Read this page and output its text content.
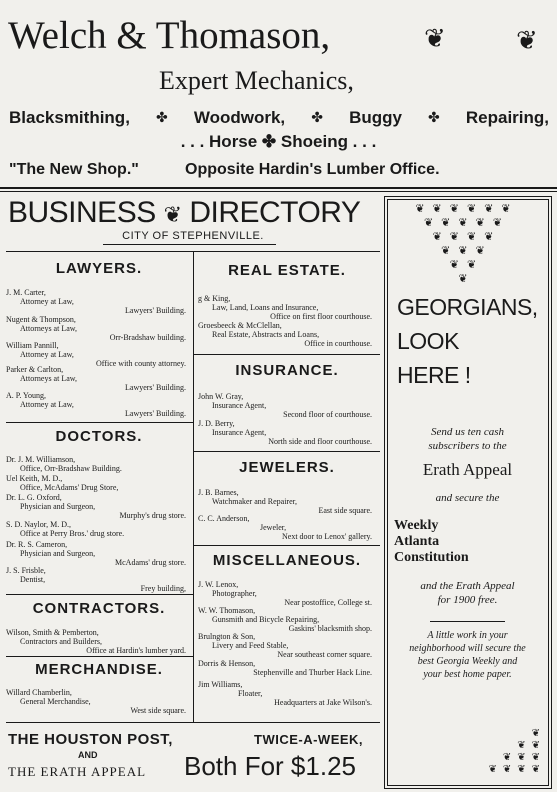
Welch & Thomason,	❦	❦
Expert Mechanics,
Blacksmithing, ✤ Woodwork, ✤ Buggy ✤ Repairing,
. . . Horse ✤ Shoeing . . .
"The New Shop."	Opposite Hardin's Lumber Office.
BUSINESS ❦ DIRECTORY
CITY OF STEPHENVILLE.
LAWYERS.
J. M. Carter,
Attorney at Law,
Lawyers' Building.
Nugent & Thompson,
Attorneys at Law,
Orr-Bradshaw building.
William Pannill,
Attorney at Law,
Office with county attorney.
Parker & Carlton,
Attorneys at Law,
Lawyers' Building.
A. P. Young,
Attorney at Law,
Lawyers' Building.
DOCTORS.
Dr. J. M. Williamson,
Office, Orr-Bradshaw Building.
Uel Keith, M. D.,
Office, McAdams' Drug Store,
Dr. L. G. Oxford,
Physician and Surgeon,
Murphy's drug store.
S. D. Naylor, M. D.,
Office at Perry Bros.' drug store.
Dr. R. S. Cameron,
Physician and Surgeon,
McAdams' drug store.
J. S. Frisble,
Dentist,
Frey building,
CONTRACTORS.
Wilson, Smith & Pemberton,
Contractors and Builders,
Office at Hardin's lumber yard.
MERCHANDISE.
Willard Chamberlin,
General Merchandise,
West side square.
REAL ESTATE.
g & King,
Law, Land, Loans and Insurance,
Office on first floor courthouse.
Groesbeeck & McClellan,
Real Estate, Abstracts and Loans,
Office in courthouse.
INSURANCE.
John W. Gray,
Insurance Agent,
Second floor of courthouse.
J. D. Berry,
Insurance Agent,
North side and floor courthouse.
JEWELERS.
J. B. Barnes,
Watchmaker and Repairer,
East side square.
C. C. Anderson,
Jeweler,
Next door to Lenox' gallery.
MISCELLANEOUS.
J. W. Lenox,
Photographer,
Near postoffice, College st.
W. W. Thomason,
Gunsmith and Bicycle Repairing,
Gaskins' blacksmith shop.
Brulngton & Son,
Livery and Feed Stable,
Near southeast corner square.
Dorris & Henson,
Stephenville and Thurber Hack Line.
Jim Williams,
Floater,
Headquarters at Jake Wilson's.
THE HOUSTON POST,	TWICE-A-WEEK,
AND
THE ERATH APPEAL Both For $1.25
❦❦❦❦❦❦
❦❦❦❦❦
❦❦❦❦
❦❦❦
❦❦
❦
GEORGIANS,
LOOK
HERE !
Send us ten cash
subscribers to the
Erath Appeal
and secure the
Weekly
Atlanta
Constitution
and the Erath Appeal
for 1900 free.
A little work in your
neighborhood will secure the
best Georgia Weekly and
your best home paper.
❦
❦❦
❦❦❦
❦❦❦❦
